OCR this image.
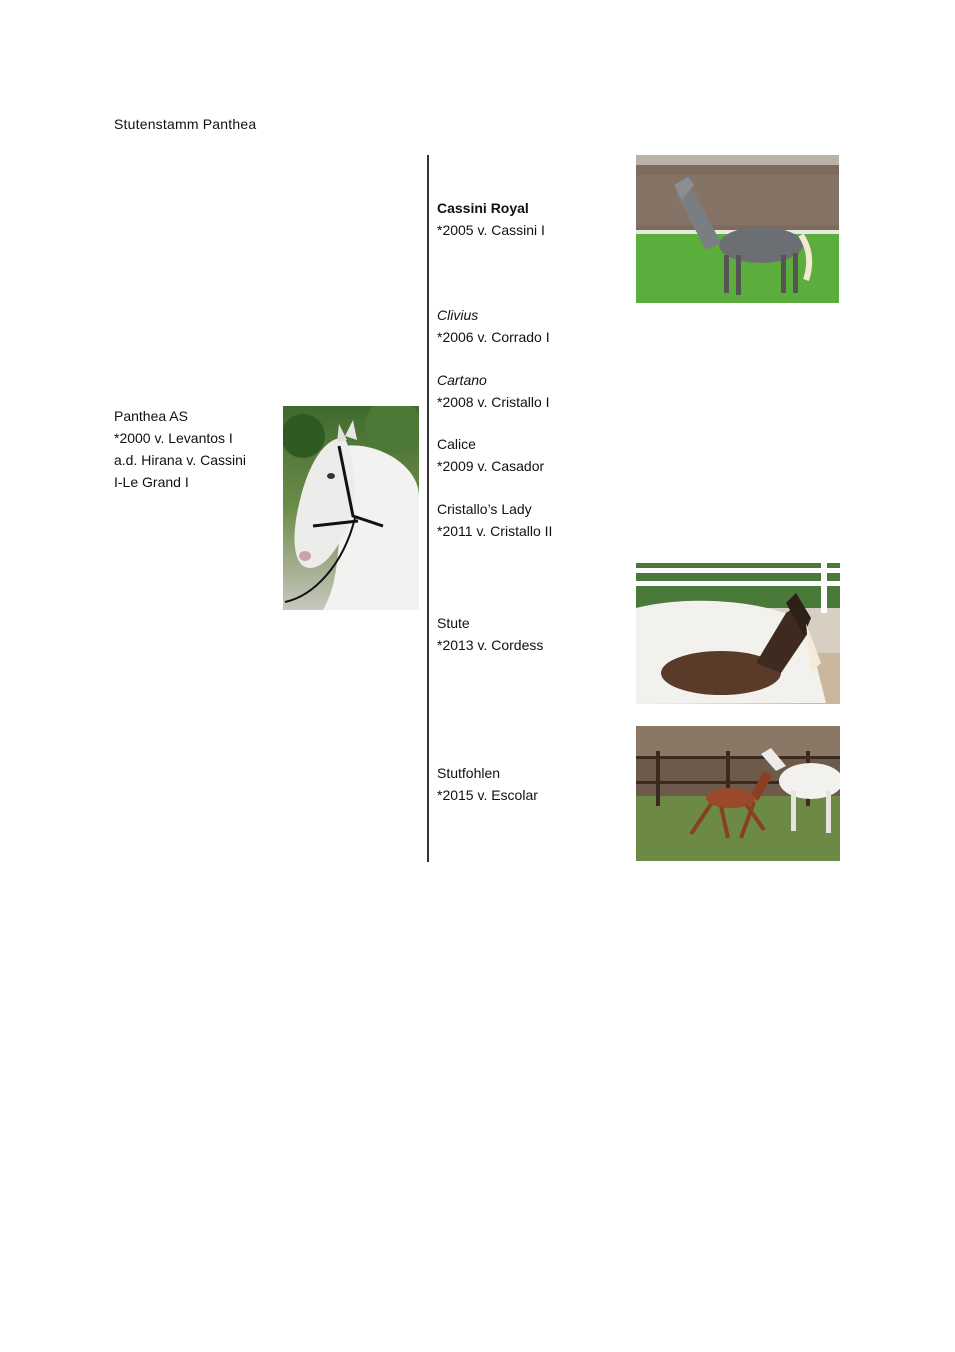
Stutenstamm Panthea
Panthea AS
*2000 v. Levantos I
a.d. Hirana v. Cassini
I-Le Grand I
Cassini Royal
*2005 v. Cassini I
Clivius
*2006 v. Corrado I
Cartano
*2008 v. Cristallo I
Calice
*2009 v. Casador
Cristallo’s Lady
*2011 v. Cristallo II
Stute
*2013 v. Cordess
Stutfohlen
*2015 v. Escolar
